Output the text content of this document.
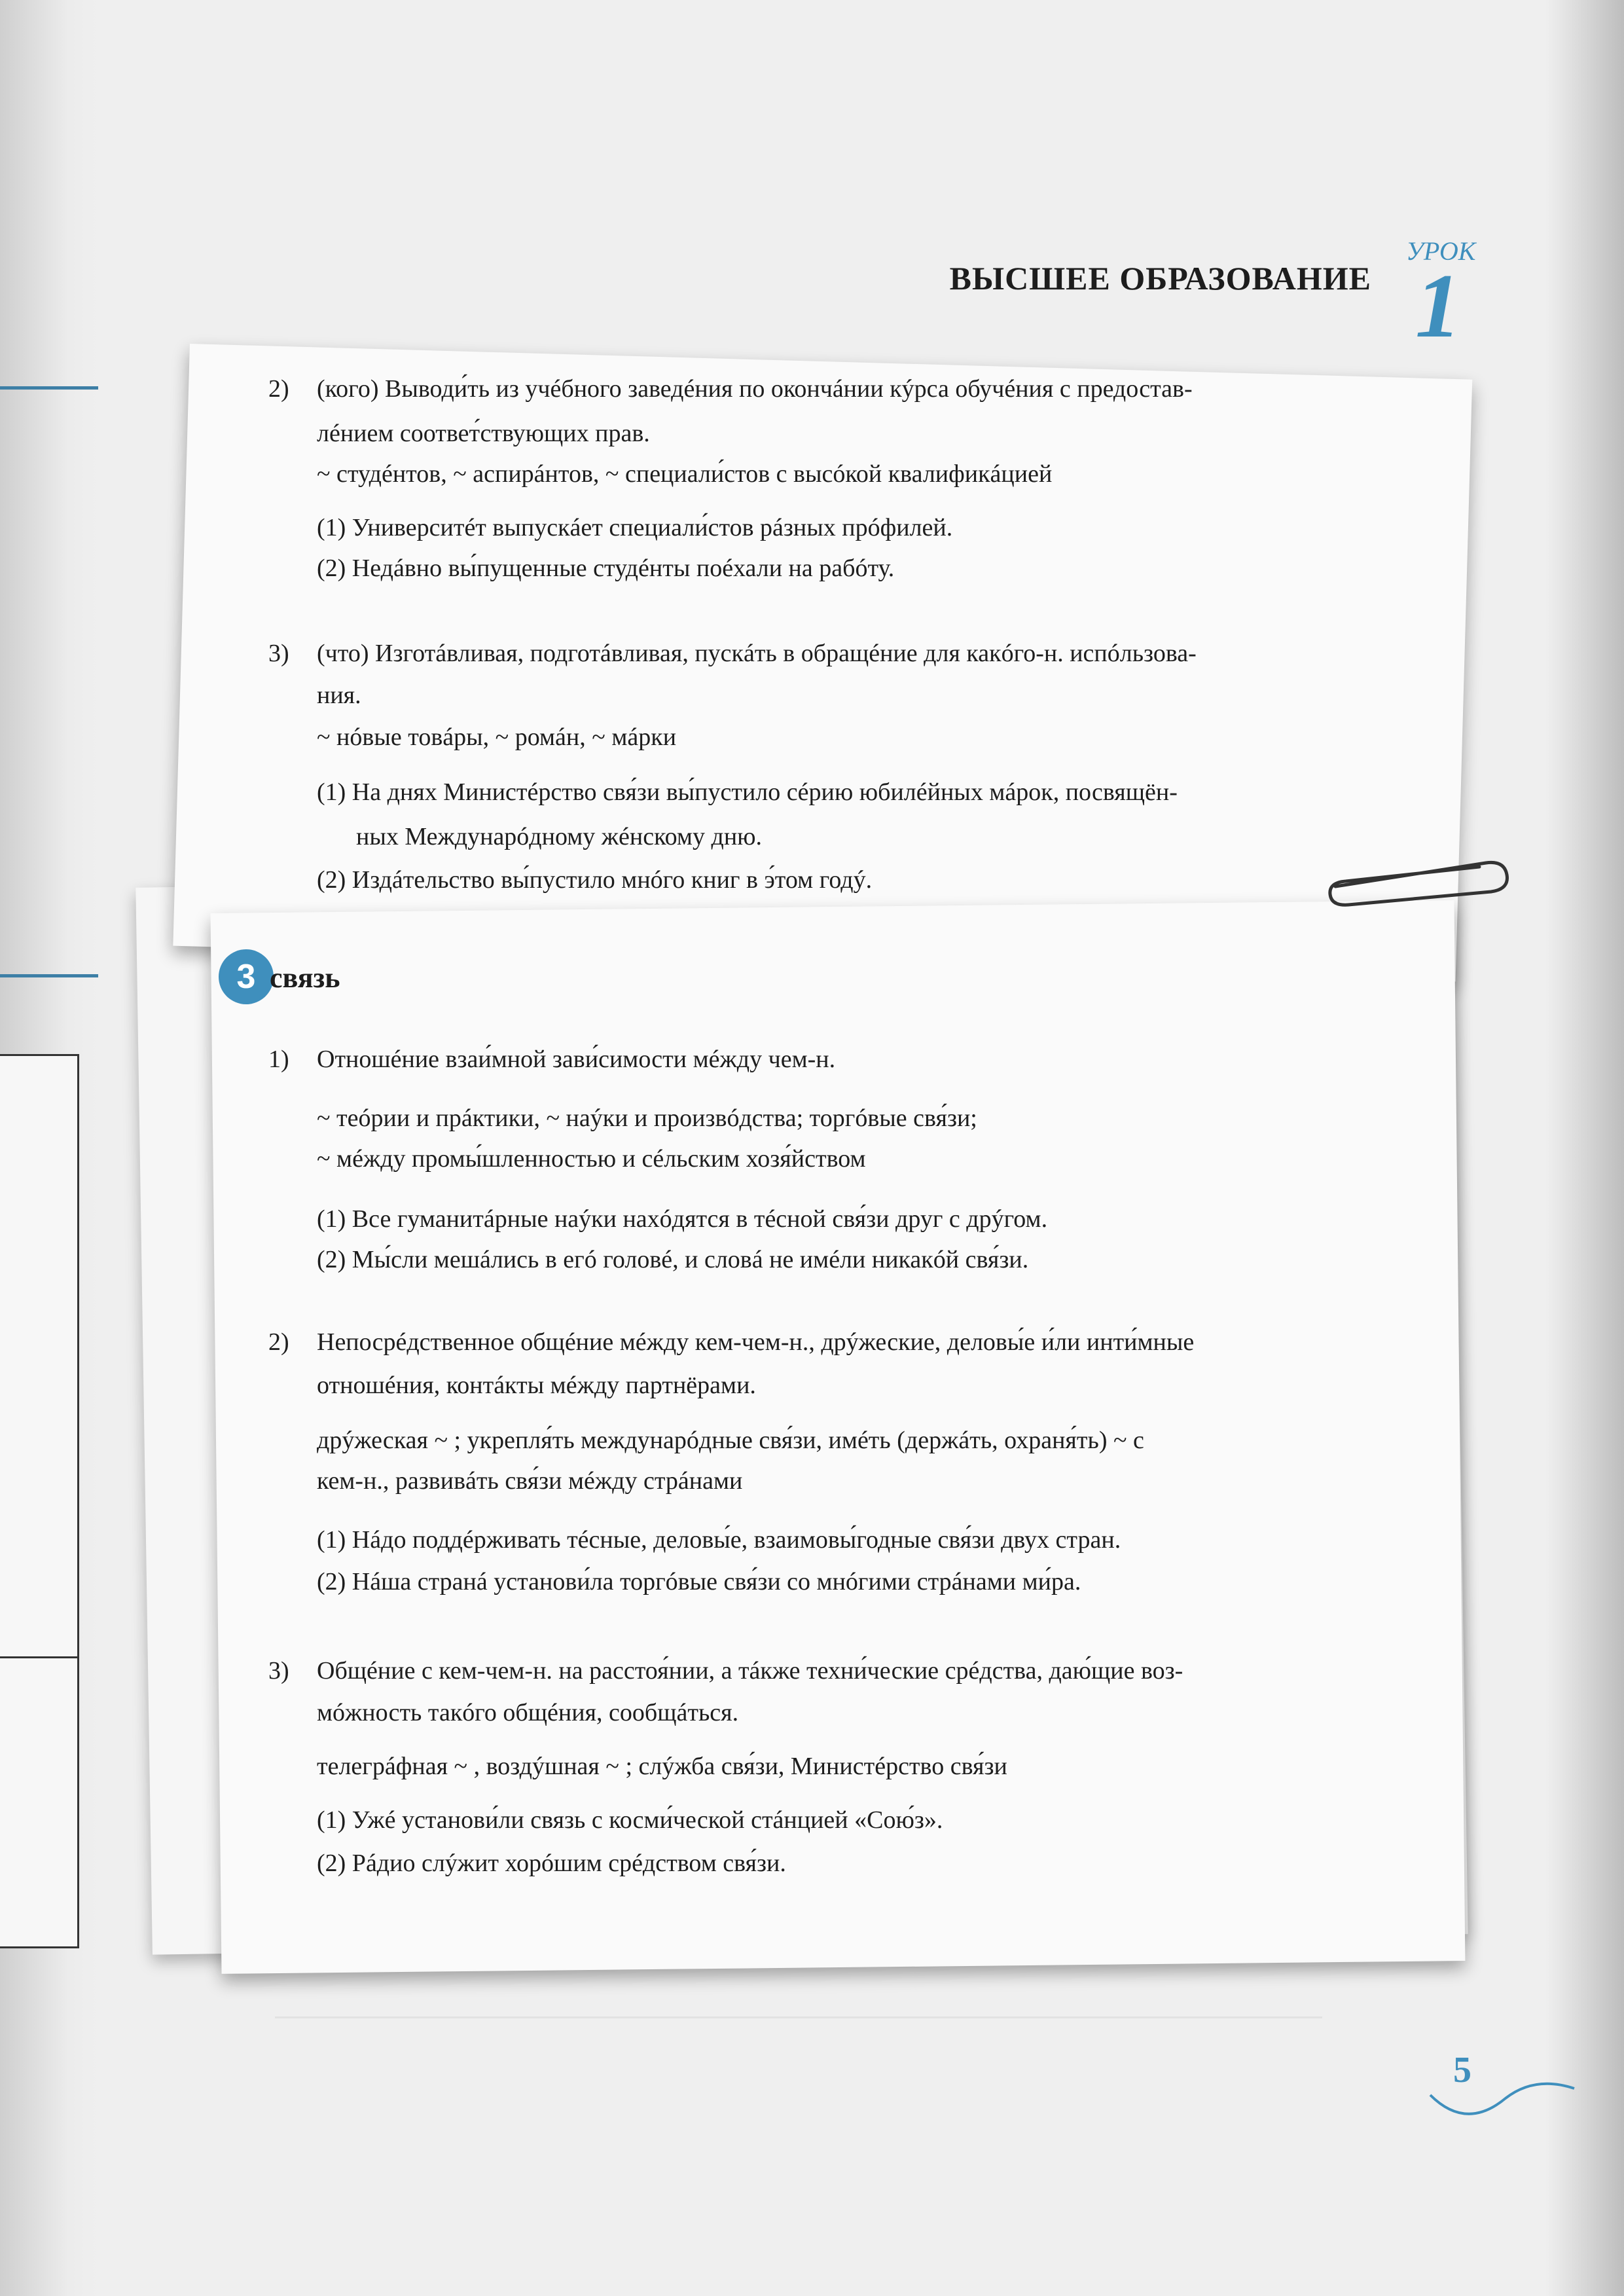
ВЫСШЕЕ ОБРАЗОВАНИЕ
УРОК
1
2) (кого) Выводи́ть из учéбного заведéния по окончáнии кýрса обучéния с предостав-
лéнием соответ́ствующих прав.
~ студéнтов, ~ аспирáнтов, ~ специали́стов с высóкой квалификáцией
(1) Университéт выпускáет специали́стов рáзных прóфилей.
(2) Недáвно вы́пущенные студéнты поéхали на рабóту.
3) (что) Изготáвливая, подготáвливая, пускáть в обращéние для какóго-н. испóльзова-
ния.
~ нóвые товáры, ~ ромáн, ~ мáрки
(1) На днях Министéрство свя́зи вы́пустило сéрию юбилéйных мáрок, посвящён-
ных Междунарóдному жéнскому дню.
(2) Издáтельство вы́пустило мнóго книг в э́том годý.
3 связь
1) Отношéние взаи́мной зави́симости мéжду чем-н.
~ теóрии и прáктики, ~ наýки и произвóдства; торгóвые свя́зи;
~ мéжду промы́шленностью и сéльским хозя́йством
(1) Все гуманитáрные наýки нахóдятся в тéсной свя́зи друг с дрýгом.
(2) Мы́сли мешáлись в егó головé, и словá не имéли никакóй свя́зи.
2) Непосрéдственное общéние мéжду кем-чем-н., дрýжеские, деловы́е и́ли инти́мные
отношéния, контáкты мéжду партнёрами.
дрýжеская ~ ; укрепля́ть междунарóдные свя́зи, имéть (держáть, охраня́ть) ~ с
кем-н., развивáть свя́зи мéжду стрáнами
(1) Нáдо поддéрживать тéсные, деловы́е, взаимовы́годные свя́зи двух стран.
(2) Нáша странá установи́ла торгóвые свя́зи со мнóгими стрáнами ми́ра.
3) Общéние с кем-чем-н. на расстоя́нии, а тáкже техни́ческие срéдства, даю́щие воз-
мóжность такóго общéния, сообщáться.
телегрáфная ~ , воздýшная ~ ; слýжба свя́зи, Министéрство свя́зи
(1) Ужé установи́ли связь с косми́ческой стáнцией «Сою́з».
(2) Рáдио слýжит хорóшим срéдством свя́зи.
5
